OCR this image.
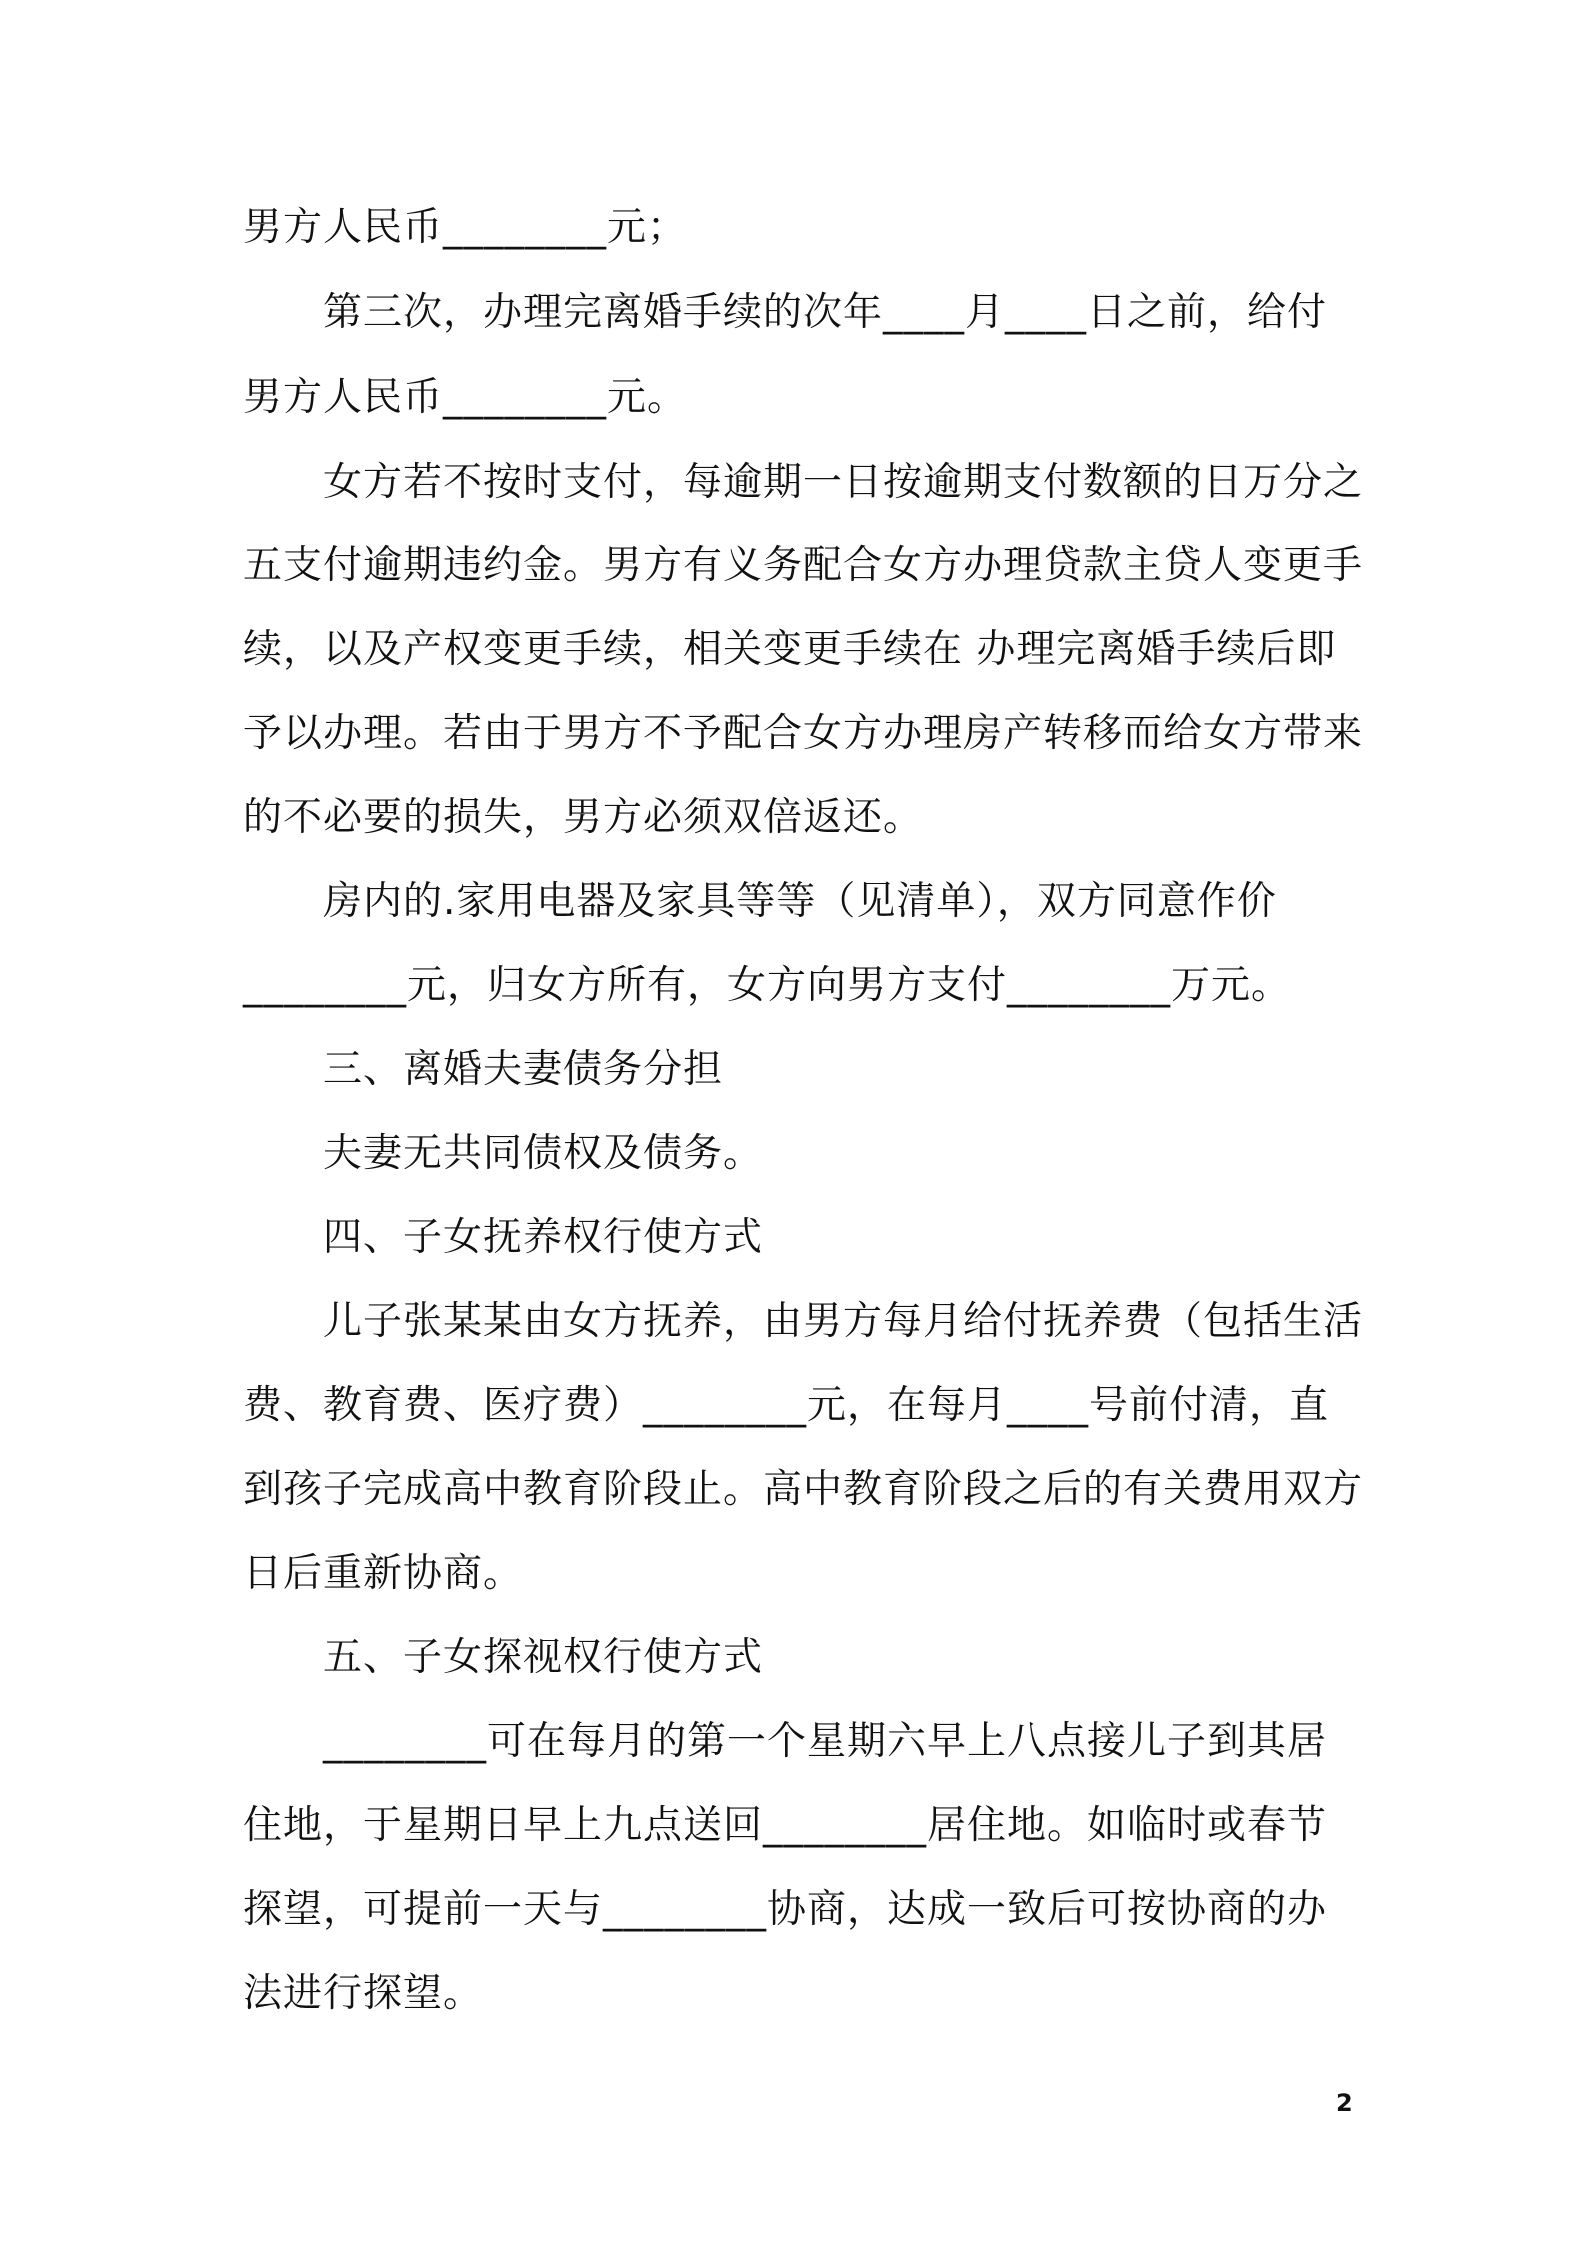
男方人民币________元；
第三次，办理完离婚手续的次年____月____日之前，给付
男方人民币________元。
女方若不按时支付，每逾期一日按逾期支付数额的日万分之
五支付逾期违约金。男方有义务配合女方办理贷款主贷人变更手
续，以及产权变更手续，相关变更手续在 办理完离婚手续后即
予以办理。若由于男方不予配合女方办理房产转移而给女方带来
的不必要的损失，男方必须双倍返还。
房内的.家用电器及家具等等（见清单），双方同意作价
________元，归女方所有，女方向男方支付________万元。
三、离婚夫妻债务分担
夫妻无共同债权及债务。
四、子女抚养权行使方式
儿子张某某由女方抚养，由男方每月给付抚养费（包括生活
费、教育费、医疗费）________元，在每月____号前付清，直
到孩子完成高中教育阶段止。高中教育阶段之后的有关费用双方
日后重新协商。
五、子女探视权行使方式
________可在每月的第一个星期六早上八点接儿子到其居
住地，于星期日早上九点送回________居住地。如临时或春节
探望，可提前一天与________协商，达成一致后可按协商的办
法进行探望。
2
